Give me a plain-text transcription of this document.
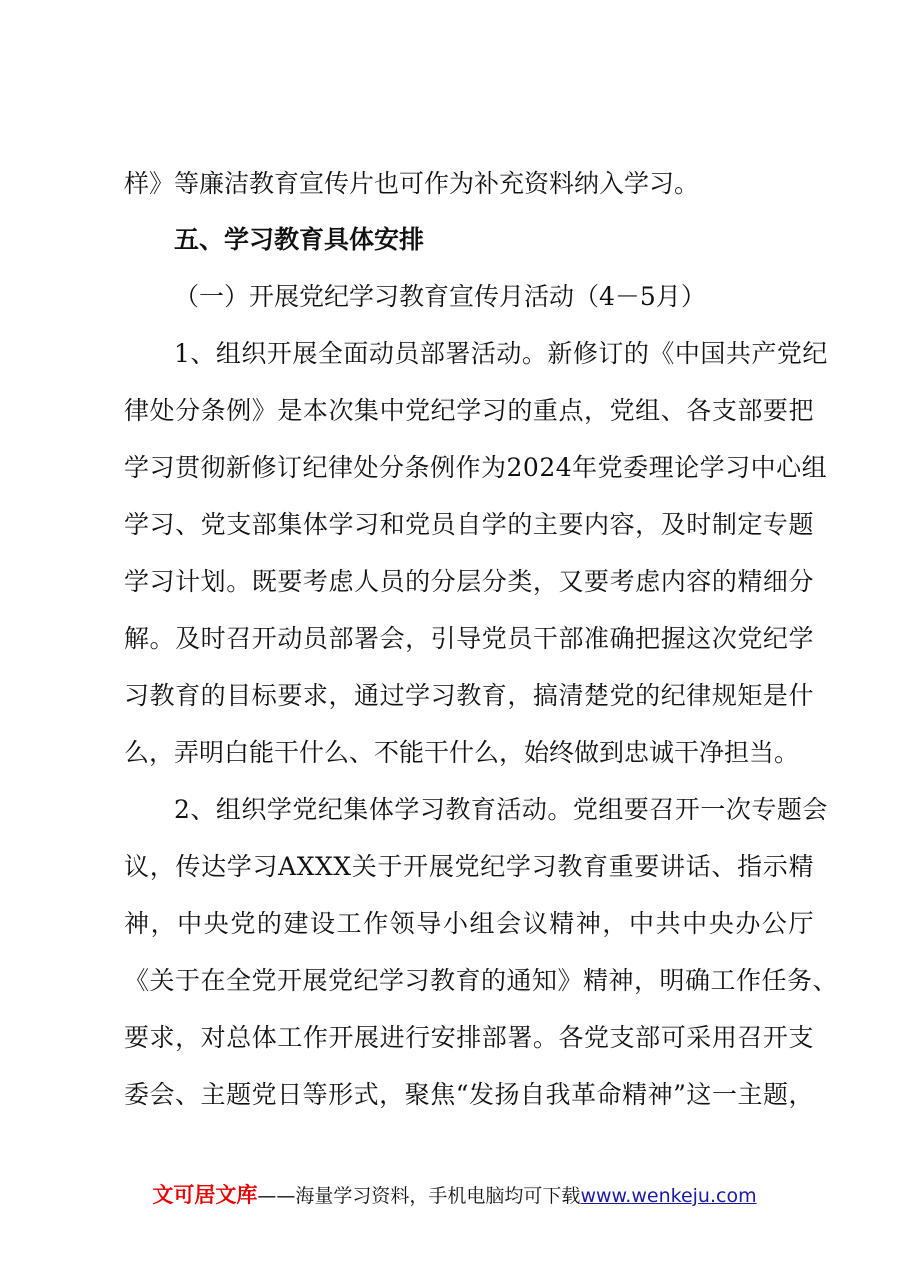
样》等廉洁教育宣传片也可作为补充资料纳入学习。
五、学习教育具体安排
（一）开展党纪学习教育宣传月活动（4－5月）
1、组织开展全面动员部署活动。新修订的《中国共产党纪
律处分条例》是本次集中党纪学习的重点，党组、各支部要把
学习贯彻新修订纪律处分条例作为2024年党委理论学习中心组
学习、党支部集体学习和党员自学的主要内容，及时制定专题
学习计划。既要考虑人员的分层分类，又要考虑内容的精细分
解。及时召开动员部署会，引导党员干部准确把握这次党纪学
习教育的目标要求，通过学习教育，搞清楚党的纪律规矩是什
么，弄明白能干什么、不能干什么，始终做到忠诚干净担当。
2、组织学党纪集体学习教育活动。党组要召开一次专题会
议，传达学习AXXX关于开展党纪学习教育重要讲话、指示精
神，中央党的建设工作领导小组会议精神，中共中央办公厅
《关于在全党开展党纪学习教育的通知》精神，明确工作任务、
要求，对总体工作开展进行安排部署。各党支部可采用召开支
委会、主题党日等形式，聚焦“发扬自我革命精神”这一主题，
文可居文库——海量学习资料，手机电脑均可下载www.wenkeju.com
